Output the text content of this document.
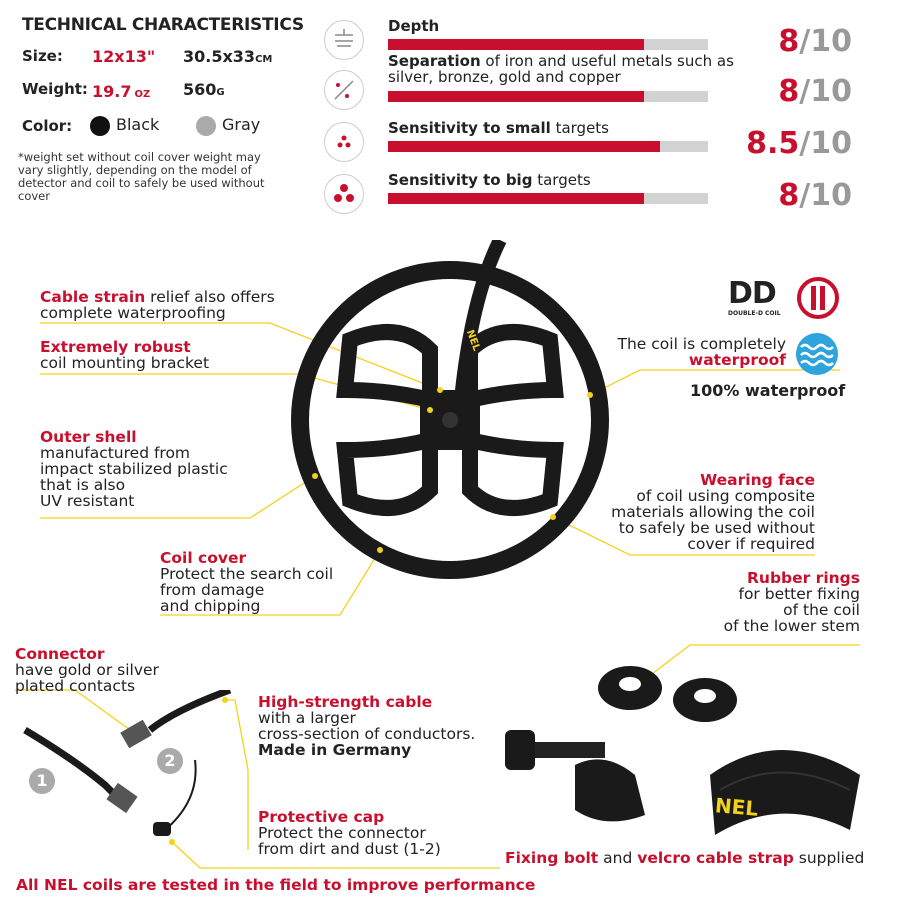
TECHNICAL CHARACTERISTICS
Size: 12x13" 30.5x33CM
Weight: 19.7 OZ 560G
Color:	Black	Gray
*weight set without coil cover weight may vary slightly, depending on the model of detector and coil to safely be used without cover
Depth	8/10
Separation of iron and useful metals such as silver, bronze, gold and copper	8/10
Sensitivity to small targets	8.5/10
Sensitivity to big targets	8/10
NEL
Cable strain relief also offers
complete waterproofing
Extremely robust
coil mounting bracket
Outer shell
manufactured from
impact stabilized plastic
that is also
UV resistant
Coil cover
Protect the search coil
from damage
and chipping
DD
DOUBLE-D COIL
The coil is completely
waterproof
100% waterproof
Wearing face
of coil using composite
materials allowing the coil
to safely be used without
cover if required
Rubber rings
for better fixing
of the coil
of the lower stem
NEL
Connector
have gold or silver
plated contacts
1
2
High-strength cable
with a larger
cross-section of conductors.
Made in Germany
Protective cap
Protect the connector
from dirt and dust (1-2)	Fixing bolt and velcro cable strap supplied
All NEL coils are tested in the field to improve performance
